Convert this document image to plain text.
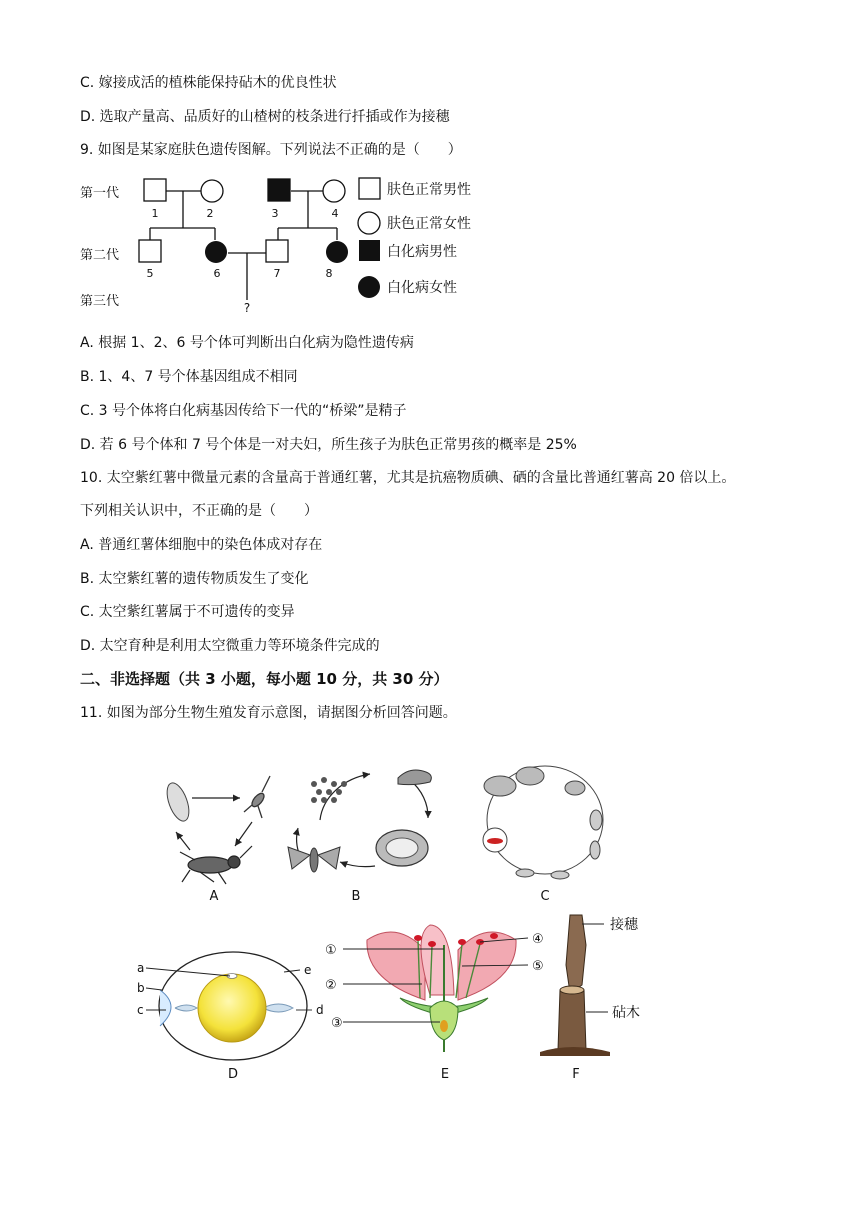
C. 嫁接成活的植株能保持砧木的优良性状
D. 选取产量高、品质好的山楂树的枝条进行扦插或作为接穗
9. 如图是某家庭肤色遗传图解。下列说法不正确的是（　　）
第一代
第二代
第三代
1	2	3	4
5	6	7	8
?
肤色正常男性
肤色正常女性
白化病男性
白化病女性
A. 根据 1、2、6 号个体可判断出白化病为隐性遗传病
B. 1、4、7 号个体基因组成不相同
C. 3 号个体将白化病基因传给下一代的“桥梁”是精子
D. 若 6 号个体和 7 号个体是一对夫妇，所生孩子为肤色正常男孩的概率是 25%
10. 太空紫红薯中微量元素的含量高于普通红薯，尤其是抗癌物质碘、硒的含量比普通红薯高 20 倍以上。
下列相关认识中，不正确的是（　　）
A. 普通红薯体细胞中的染色体成对存在
B. 太空紫红薯的遗传物质发生了变化
C. 太空紫红薯属于不可遗传的变异
D. 太空育种是利用太空微重力等环境条件完成的
二、非选择题（共 3 小题，每小题 10 分，共 30 分）
11. 如图为部分生物生殖发育示意图，请据图分析回答问题。
A	B	C
a
b
c	d
e
①
②
③
④
⑤
接穗
砧木
D	E	F
